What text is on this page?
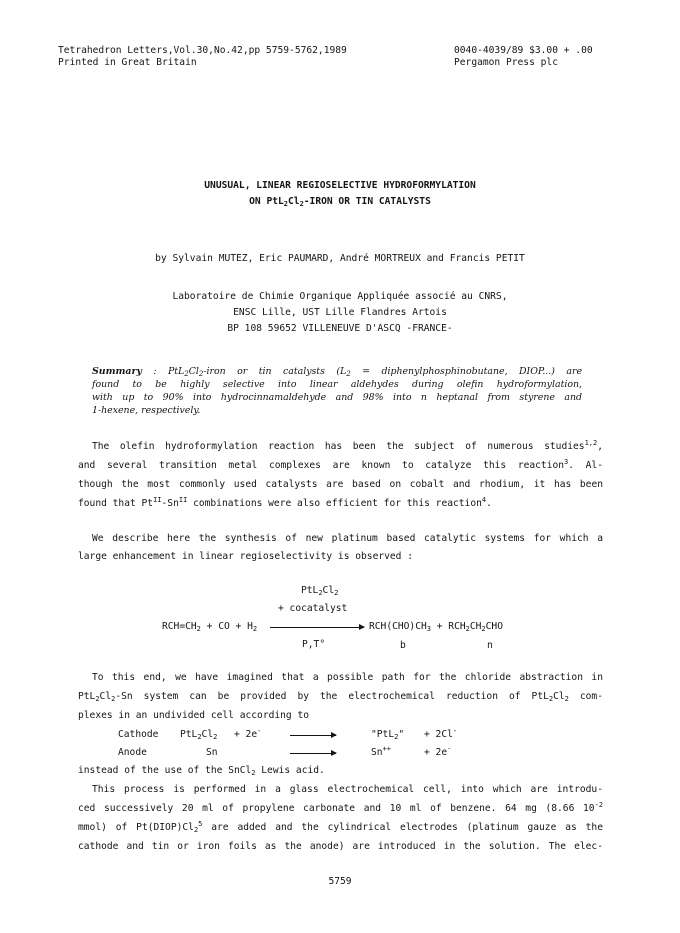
Tetrahedron Letters,Vol.30,No.42,pp 5759-5762,1989
Printed in Great Britain
0040-4039/89 $3.00 + .00
Pergamon Press plc
UNUSUAL, LINEAR REGIOSELECTIVE HYDROFORMYLATION
ON $PtL_2Cl_2$-IRON OR TIN CATALYSTS
by Sylvain MUTEZ, Eric PAUMARD, André MORTREUX and Francis PETIT
Laboratoire de Chimie Organique Appliquée associé au CNRS,
ENSC Lille, UST Lille Flandres Artois
BP 108 59652 VILLENEUVE D'ASCQ -FRANCE-
Summary : $PtL_2Cl_2$-iron or tin catalysts ($L_2$ = diphenylphosphinobutane, DIOP...) are
found to be highly selective into linear aldehydes during olefin hydroformylation,
with up to 90% into hydrocinnamaldehyde and 98% into n heptanal from styrene and
1-hexene, respectively.
The olefin hydroformylation reaction has been the subject of numerous studies$^{1,2}$,
and several transition metal complexes are known to catalyze this reaction$^3$. Al-
though the most commonly used catalysts are based on cobalt and rhodium, it has been
found that $Pt^{II}-Sn^{II}$ combinations were also efficient for this reaction$^4$.
We describe here the synthesis of new platinum based catalytic systems for which a
large enhancement in linear regioselectivity is observed :
$PtL_2Cl_2$
+ cocatalyst
$RCH=CH_2$ + CO + $H_2$	$RCH(CHO)CH_3 + RCH_2CH_2CHO$
P,T°	b	n
To this end, we have imagined that a possible path for the chloride abstraction in
$PtL_2Cl_2-Sn$ system can be provided by the electrochemical reduction of $PtL_2Cl_2$ com-
plexes in an undivided cell according to
Cathode $PtL_2Cl_2 + 2e^-$	"PtL$_2$" + 2Cl-
Anode	Sn	Sn++	+ 2e-
instead of the use of the SnCl$_2$ Lewis acid.
This process is performed in a glass electrochemical cell, into which are introdu-
ced successively 20 ml of propylene carbonate and 10 ml of benzene. 64 mg (8.66 $10^{-2}$
mmol) of $Pt(DIOP)Cl_2^5$ are added and the cylindrical electrodes (platinum gauze as the
cathode and tin or iron foils as the anode) are introduced in the solution. The elec-
5759
